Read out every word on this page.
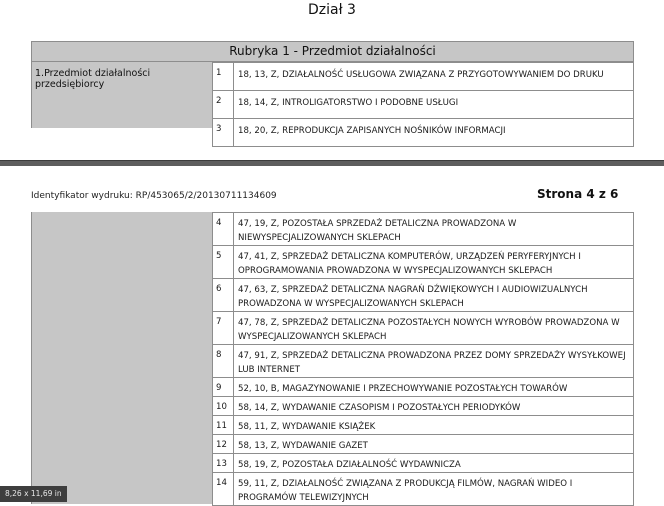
Dział 3
Rubryka 1 - Przedmiot działalności
1.Przedmiot działalności przedsiębiorcy
1	18, 13, Z, DZIAŁALNOŚĆ USŁUGOWA ZWIĄZANA Z PRZYGOTOWYWANIEM DO DRUKU
2	18, 14, Z, INTROLIGATORSTWO I PODOBNE USŁUGI
3	18, 20, Z, REPRODUKCJA ZAPISANYCH NOŚNIKÓW INFORMACJI
Identyfikator wydruku: RP/453065/2/20130711134609	Strona 4 z 6
4	47, 19, Z, POZOSTAŁA SPRZEDAŻ DETALICZNA PROWADZONA W NIEWYSPECJALIZOWANYCH SKLEPACH
5	47, 41, Z, SPRZEDAŻ DETALICZNA KOMPUTERÓW, URZĄDZEŃ PERYFERYJNYCH I OPROGRAMOWANIA PROWADZONA W WYSPECJALIZOWANYCH SKLEPACH
6	47, 63, Z, SPRZEDAŻ DETALICZNA NAGRAŃ DŹWIĘKOWYCH I AUDIOWIZUALNYCH PROWADZONA W WYSPECJALIZOWANYCH SKLEPACH
7	47, 78, Z, SPRZEDAŻ DETALICZNA POZOSTAŁYCH NOWYCH WYROBÓW PROWADZONA W WYSPECJALIZOWANYCH SKLEPACH
8	47, 91, Z, SPRZEDAŻ DETALICZNA PROWADZONA PRZEZ DOMY SPRZEDAŻY WYSYŁKOWEJ LUB INTERNET
9	52, 10, B, MAGAZYNOWANIE I PRZECHOWYWANIE POZOSTAŁYCH TOWARÓW
10	58, 14, Z, WYDAWANIE CZASOPISM I POZOSTAŁYCH PERIODYKÓW
11	58, 11, Z, WYDAWANIE KSIĄŻEK
12	58, 13, Z, WYDAWANIE GAZET
13	58, 19, Z, POZOSTAŁA DZIAŁALNOŚĆ WYDAWNICZA
14	59, 11, Z, DZIAŁALNOŚĆ ZWIĄZANA Z PRODUKCJĄ FILMÓW, NAGRAŃ WIDEO I PROGRAMÓW TELEWIZYJNYCH
8,26 x 11,69 in
